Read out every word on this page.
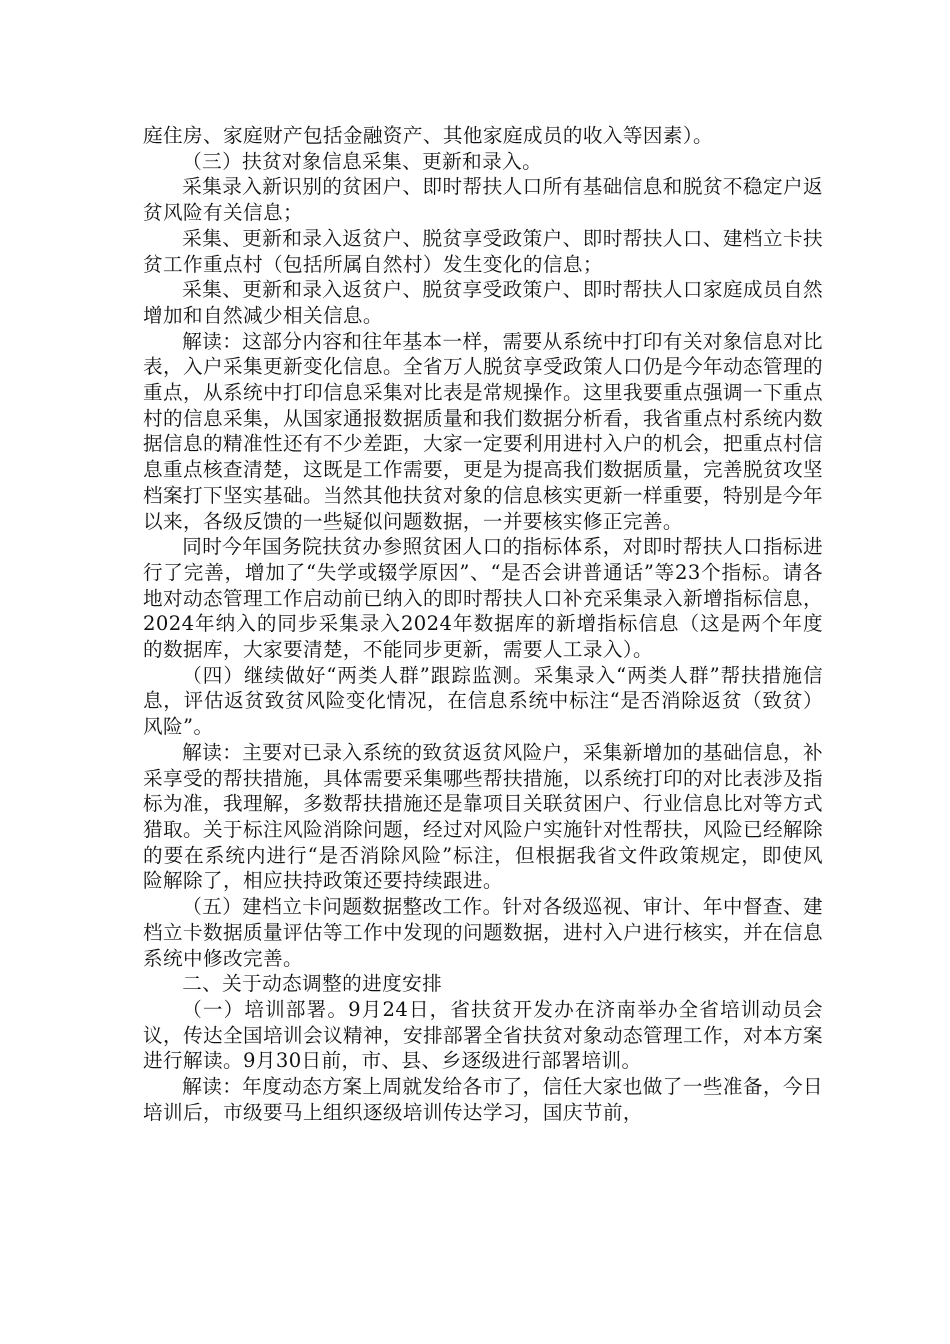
庭住房、家庭财产包括金融资产、其他家庭成员的收入等因素）。

（三）扶贫对象信息采集、更新和录入。

采集录入新识别的贫困户、即时帮扶人口所有基础信息和脱贫不稳定户返贫风险有关信息；

采集、更新和录入返贫户、脱贫享受政策户、即时帮扶人口、建档立卡扶贫工作重点村（包括所属自然村）发生变化的信息；

采集、更新和录入返贫户、脱贫享受政策户、即时帮扶人口家庭成员自然增加和自然减少相关信息。

解读：这部分内容和往年基本一样，需要从系统中打印有关对象信息对比表，入户采集更新变化信息。全省万人脱贫享受政策人口仍是今年动态管理的重点，从系统中打印信息采集对比表是常规操作。这里我要重点强调一下重点村的信息采集，从国家通报数据质量和我们数据分析看，我省重点村系统内数据信息的精准性还有不少差距，大家一定要利用进村入户的机会，把重点村信息重点核查清楚，这既是工作需要，更是为提高我们数据质量，完善脱贫攻坚档案打下坚实基础。当然其他扶贫对象的信息核实更新一样重要，特别是今年以来，各级反馈的一些疑似问题数据，一并要核实修正完善。

同时今年国务院扶贫办参照贫困人口的指标体系，对即时帮扶人口指标进行了完善，增加了“失学或辍学原因”、“是否会讲普通话”等23个指标。请各地对动态管理工作启动前已纳入的即时帮扶人口补充采集录入新增指标信息，2024年纳入的同步采集录入2024年数据库的新增指标信息（这是两个年度的数据库，大家要清楚，不能同步更新，需要人工录入）。

（四）继续做好“两类人群”跟踪监测。采集录入“两类人群”帮扶措施信息，评估返贫致贫风险变化情况，在信息系统中标注“是否消除返贫（致贫）风险”。

解读：主要对已录入系统的致贫返贫风险户，采集新增加的基础信息，补采享受的帮扶措施，具体需要采集哪些帮扶措施，以系统打印的对比表涉及指标为准，我理解，多数帮扶措施还是靠项目关联贫困户、行业信息比对等方式猎取。关于标注风险消除问题，经过对风险户实施针对性帮扶，风险已经解除的要在系统内进行“是否消除风险”标注，但根据我省文件政策规定，即使风险解除了，相应扶持政策还要持续跟进。

（五）建档立卡问题数据整改工作。针对各级巡视、审计、年中督查、建档立卡数据质量评估等工作中发现的问题数据，进村入户进行核实，并在信息系统中修改完善。

二、关于动态调整的进度安排

（一）培训部署。9月24日，省扶贫开发办在济南举办全省培训动员会议，传达全国培训会议精神，安排部署全省扶贫对象动态管理工作，对本方案进行解读。9月30日前，市、县、乡逐级进行部署培训。

解读：年度动态方案上周就发给各市了，信任大家也做了一些准备，今日培训后，市级要马上组织逐级培训传达学习，国庆节前，
